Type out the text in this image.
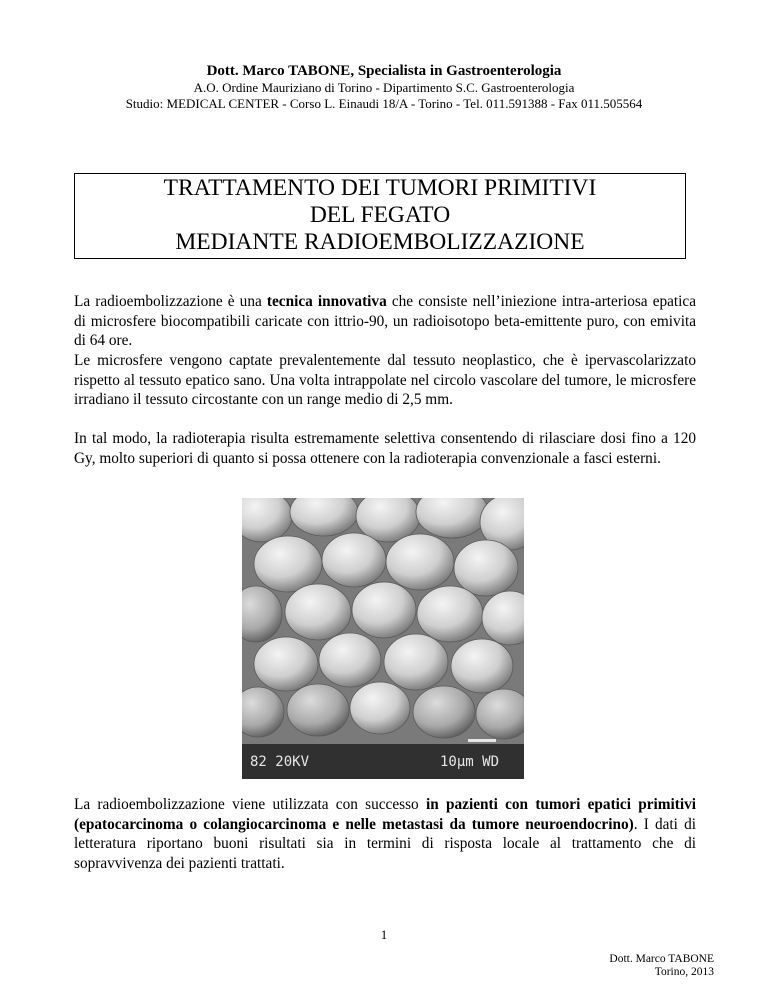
Dott. Marco TABONE, Specialista in Gastroenterologia
A.O. Ordine Mauriziano di Torino - Dipartimento S.C. Gastroenterologia
Studio: MEDICAL CENTER - Corso L. Einaudi 18/A - Torino - Tel. 011.591388 - Fax 011.505564
TRATTAMENTO DEI TUMORI PRIMITIVI
DEL FEGATO
MEDIANTE RADIOEMBOLIZZAZIONE
La radioembolizzazione è una tecnica innovativa che consiste nell’iniezione intra-arteriosa epatica di microsfere biocompatibili caricate con ittrio-90, un radioisotopo beta-emittente puro, con emivita di 64 ore.
Le microsfere vengono captate prevalentemente dal tessuto neoplastico, che è ipervascolarizzato rispetto al tessuto epatico sano. Una volta intrappolate nel circolo vascolare del tumore, le microsfere irradiano il tessuto circostante con un range medio di 2,5 mm.
In tal modo, la radioterapia risulta estremamente selettiva consentendo di rilasciare dosi fino a 120 Gy, molto superiori di quanto si possa ottenere con la radioterapia convenzionale a fasci esterni.
82 20KV	10μm WD
La radioembolizzazione viene utilizzata con successo in pazienti con tumori epatici primitivi (epatocarcinoma o colangiocarcinoma e nelle metastasi da tumore neuroendocrino). I dati di letteratura riportano buoni risultati sia in termini di risposta locale al trattamento che di sopravvivenza dei pazienti trattati.
1
Dott. Marco TABONE
Torino, 2013
